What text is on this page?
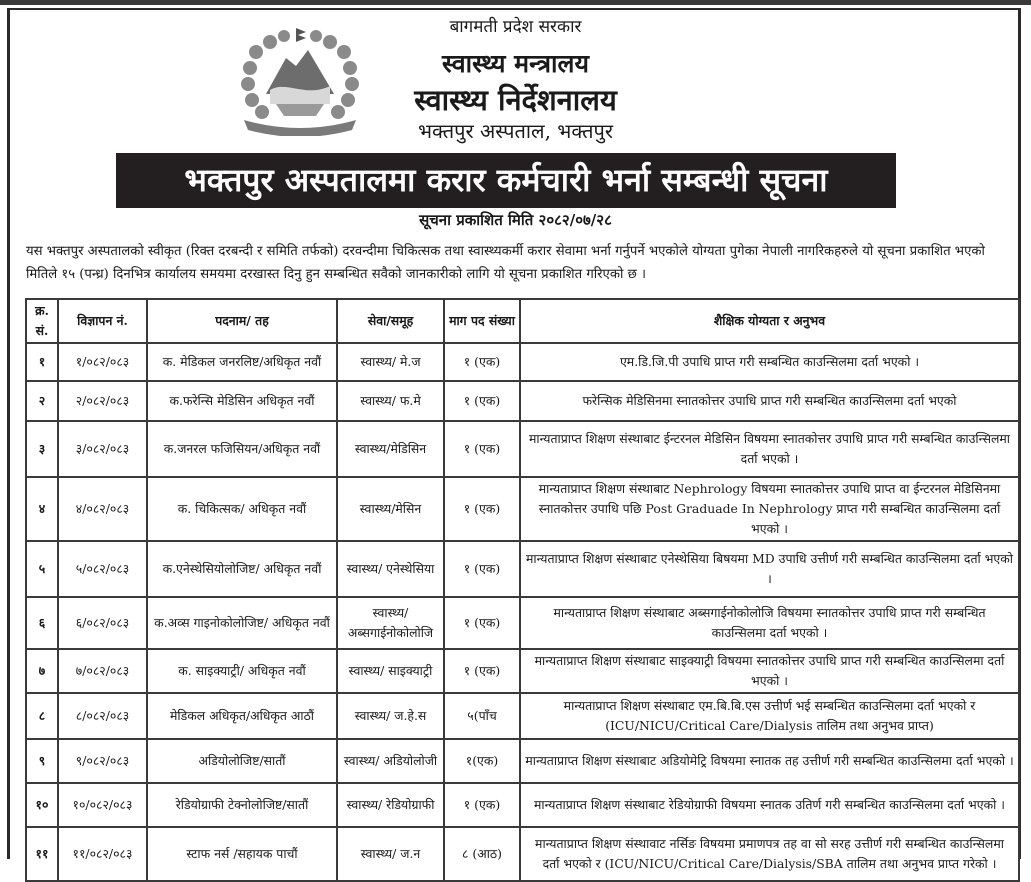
बागमती प्रदेश सरकार
स्वास्थ्य मन्त्रालय
स्वास्थ्य निर्देशनालय
भक्तपुर अस्पताल, भक्तपुर
भक्तपुर अस्पतालमा करार कर्मचारी भर्ना सम्बन्धी सूचना
सूचना प्रकाशित मिति २०८२/०७/२८
यस भक्तपुर अस्पतालको स्वीकृत (रिक्त दरबन्दी र समिति तर्फको) दरवन्दीमा चिकित्सक तथा स्वास्थ्यकर्मी करार सेवामा भर्ना गर्नुपर्ने भएकोले योग्यता पुगेका नेपाली नागरिकहरुले यो सूचना प्रकाशित भएको मितिले १५ (पन्ध्र) दिनभित्र कार्यालय समयमा दरखास्त दिनु हुन सम्बन्धित सवैको जानकारीको लागि यो सूचना प्रकाशित गरिएको छ ।
क्र. सं.	विज्ञापन नं.	पदनाम/ तह	सेवा/समूह	माग पद संख्या	शैक्षिक योग्यता र अनुभव
१	१/०८२/०८३	क. मेडिकल जनरलिष्ट/अधिकृत नवौं	स्वास्थ्य/ मे.ज	१ (एक)	एम.डि.जि.पी उपाधि प्राप्त गरी सम्बन्धित काउन्सिलमा दर्ता भएको ।
२	२/०८२/०८३	क.फरेन्सि मेडिसिन अधिकृत नवौं	स्वास्थ्य/ फ.मे	१ (एक)	फरेन्सिक मेडिसिनमा स्नातकोत्तर उपाधि प्राप्त गरी सम्बन्धित काउन्सिलमा दर्ता भएको
३	३/०८२/०८३	क.जनरल फजिसियन/अधिकृत नवौं	स्वास्थ्य/मेडिसिन	१ (एक)	मान्यताप्राप्त शिक्षण संस्थाबाट ईन्टरनल मेडिसिन विषयमा स्नातकोत्तर उपाधि प्राप्त गरी सम्बन्धित काउन्सिलमा दर्ता भएको ।
४	४/०८२/०८३	क. चिकित्सक/ अधिकृत नवौं	स्वास्थ्य/मेसिन	१ (एक)	मान्यताप्राप्त शिक्षण संस्थाबाट Nephrology विषयमा स्नातकोत्तर उपाधि प्राप्त वा ईन्टरनल मेडिसिनमा स्नातकोत्तर उपाधि पछि Post Graduade In Nephrology प्राप्त गरी सम्बन्धित काउन्सिलमा दर्ता भएको ।
५	५/०८२/०८३	क.एनेस्थेसियोलोजिष्ट/ अधिकृत नवौं	स्वास्थ्य/ एनेस्थेसिया	१ (एक)	मान्यताप्राप्त शिक्षण संस्थाबाट एनेस्थेसिया बिषयमा MD उपाधि उत्तीर्ण गरी सम्बन्धित काउन्सिलमा दर्ता भएको ।
६	६/०८२/०८३	क.अव्स गाइनोकोलोजिष्ट/ अधिकृत नवौं	स्वास्थ्य/ अब्सगाईनोकोलोजि	१ (एक)	मान्यताप्राप्त शिक्षण संस्थाबाट अब्सगाईनोकोलोजि विषयमा स्नातकोत्तर उपाधि प्राप्त गरी सम्बन्धित काउन्सिलमा दर्ता भएको ।
७	७/०८२/०८३	क. साइक्याट्री/ अधिकृत नवौं	स्वास्थ्य/ साइक्याट्री	१ (एक)	मान्यताप्राप्त शिक्षण संस्थाबाट साइक्याट्री विषयमा स्नातकोत्तर उपाधि प्राप्त गरी सम्बन्धित काउन्सिलमा दर्ता भएको ।
८	८/०८२/०८३	मेडिकल अधिकृत/अधिकृत आठौं	स्वास्थ्य/ ज.हे.स	५(पाँच	मान्यताप्राप्त शिक्षण संस्थाबाट एम.बि.बि.एस उत्तीर्ण भई सम्बन्धित काउन्सिलमा दर्ता भएको र (ICU/NICU/Critical Care/Dialysis तालिम तथा अनुभव प्राप्त)
९	९/०८२/०८३	अडियोलोजिष्ट/सातौं	स्वास्थ्य/ अडियोलोजी	१(एक)	मान्यताप्राप्त शिक्षण संस्थाबाट अडियोमेट्रि विषयमा स्नातक तह उत्तीर्ण गरी सम्बन्धित काउन्सिलमा दर्ता भएको ।
१०	१०/०८२/०८३	रेडियोग्राफी टेक्नोलोजिष्ट/सातौं	स्वास्थ्य/ रेडियोग्राफी	१ (एक)	मान्यताप्राप्त शिक्षण संस्थाबाट रेडियोग्राफी विषयमा स्नातक उतिर्ण गरी सम्बन्धित काउन्सिलमा दर्ता भएको ।
११	११/०८२/०८३	स्टाफ नर्स /सहायक पाचौं	स्वास्थ्य/ ज.न	८ (आठ)	मान्यताप्राप्त शिक्षण संस्थावाट नर्सिङ विषयमा प्रमाणपत्र तह वा सो सरह उत्तीर्ण गरी सम्बन्धित काउन्सिलमा दर्ता भएको र (ICU/NICU/Critical Care/Dialysis/SBA तालिम तथा अनुभव प्राप्त गरेको ।
